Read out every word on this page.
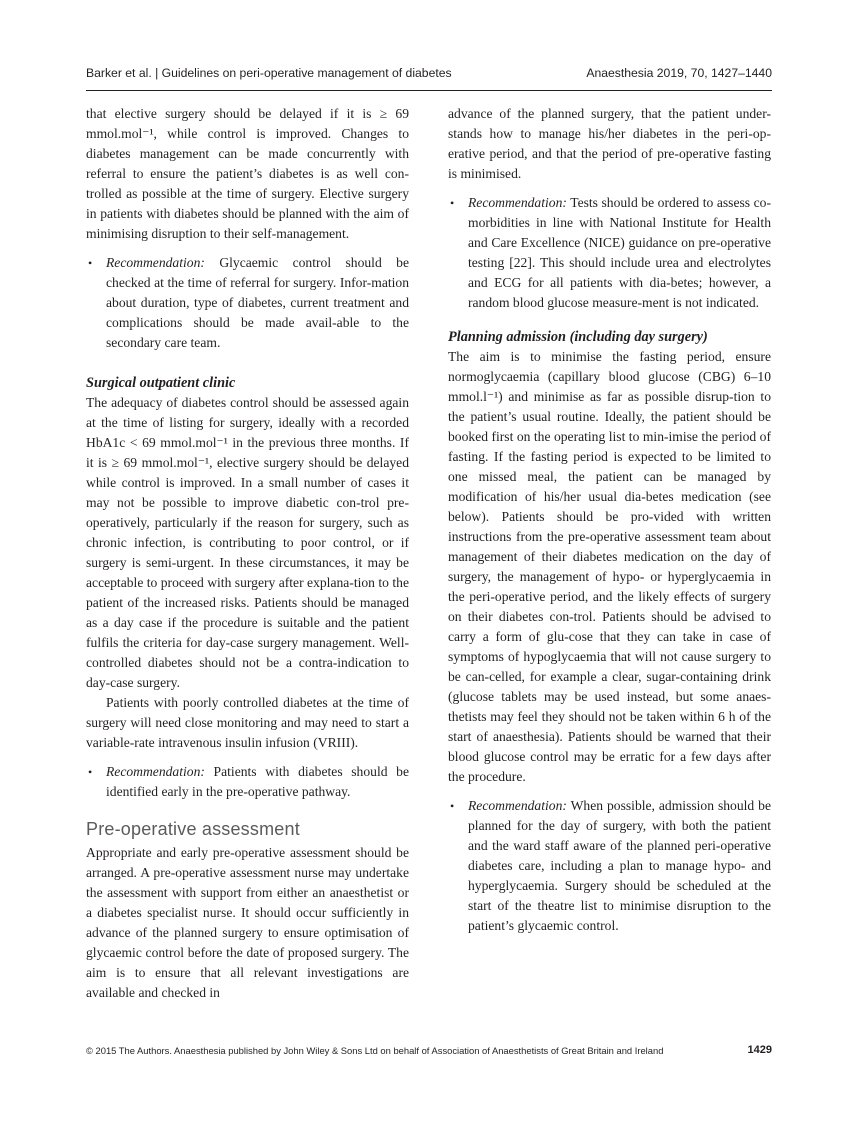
Barker et al. | Guidelines on peri-operative management of diabetes	Anaesthesia 2019, 70, 1427–1440

that elective surgery should be delayed if it is ≥ 69 mmol.mol⁻¹, while control is improved. Changes to diabetes management can be made concurrently with referral to ensure the patient’s diabetes is as well con-trolled as possible at the time of surgery. Elective surgery in patients with diabetes should be planned with the aim of minimising disruption to their self-management.

• Recommendation: Glycaemic control should be checked at the time of referral for surgery. Infor-mation about duration, type of diabetes, current treatment and complications should be made avail-able to the secondary care team.
Surgical outpatient clinic

The adequacy of diabetes control should be assessed again at the time of listing for surgery, ideally with a recorded HbA1c < 69 mmol.mol⁻¹ in the previous three months. If it is ≥ 69 mmol.mol⁻¹, elective surgery should be delayed while control is improved. In a small number of cases it may not be possible to improve diabetic con-trol pre-operatively, particularly if the reason for surgery, such as chronic infection, is contributing to poor control, or if surgery is semi-urgent. In these circumstances, it may be acceptable to proceed with surgery after explana-tion to the patient of the increased risks. Patients should be managed as a day case if the procedure is suitable and the patient fulfils the criteria for day-case surgery management. Well-controlled diabetes should not be a contra-indication to day-case surgery.

Patients with poorly controlled diabetes at the time of surgery will need close monitoring and may need to start a variable-rate intravenous insulin infusion (VRIII).

• Recommendation: Patients with diabetes should be identified early in the pre-operative pathway.
Pre-operative assessment

Appropriate and early pre-operative assessment should be arranged. A pre-operative assessment nurse may undertake the assessment with support from either an anaesthetist or a diabetes specialist nurse. It should occur sufficiently in advance of the planned surgery to ensure optimisation of glycaemic control before the date of proposed surgery. The aim is to ensure that all relevant investigations are available and checked in

advance of the planned surgery, that the patient under-stands how to manage his/her diabetes in the peri-op-erative period, and that the period of pre-operative fasting is minimised.

• Recommendation: Tests should be ordered to assess co-morbidities in line with National Institute for Health and Care Excellence (NICE) guidance on pre-operative testing [22]. This should include urea and electrolytes and ECG for all patients with dia-betes; however, a random blood glucose measure-ment is not indicated.
Planning admission (including day surgery)

The aim is to minimise the fasting period, ensure normoglycaemia (capillary blood glucose (CBG) 6–10 mmol.l⁻¹) and minimise as far as possible disrup-tion to the patient’s usual routine. Ideally, the patient should be booked first on the operating list to min-imise the period of fasting. If the fasting period is expected to be limited to one missed meal, the patient can be managed by modification of his/her usual dia-betes medication (see below). Patients should be pro-vided with written instructions from the pre-operative assessment team about management of their diabetes medication on the day of surgery, the management of hypo- or hyperglycaemia in the peri-operative period, and the likely effects of surgery on their diabetes con-trol. Patients should be advised to carry a form of glu-cose that they can take in case of symptoms of hypoglycaemia that will not cause surgery to be can-celled, for example a clear, sugar-containing drink (glucose tablets may be used instead, but some anaes-thetists may feel they should not be taken within 6 h of the start of anaesthesia). Patients should be warned that their blood glucose control may be erratic for a few days after the procedure.

• Recommendation: When possible, admission should be planned for the day of surgery, with both the patient and the ward staff aware of the planned peri-operative diabetes care, including a plan to manage hypo- and hyperglycaemia. Surgery should be scheduled at the start of the theatre list to minimise disruption to the patient’s glycaemic control.
© 2015 The Authors. Anaesthesia published by John Wiley & Sons Ltd on behalf of Association of Anaesthetists of Great Britain and Ireland	1429
